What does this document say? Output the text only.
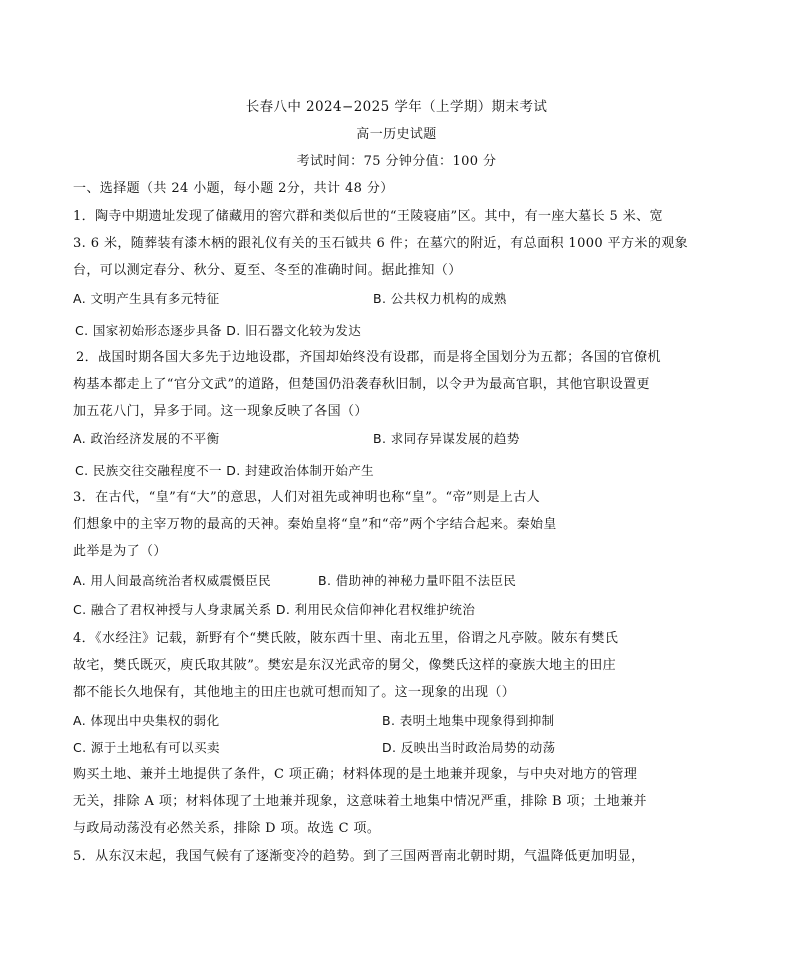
长春八中 2024−2025 学年（上学期）期末考试
高一历史试题
考试时间：75 分钟分值：100 分
一、选择题（共 24 小题，每小题 2分，共计 48 分）
1．陶寺中期遗址发现了储藏用的窖穴群和类似后世的“王陵寝庙”区。其中，有一座大墓长 5 米、宽
3. 6 米，随葬装有漆木柄的跟礼仪有关的玉石钺共 6 件；在墓穴的附近，有总面积 1000 平方米的观象
台，可以测定春分、秋分、夏至、冬至的准确时间。据此推知（）
A. 文明产生具有多元特征	B. 公共权力机构的成熟
C. 国家初始形态逐步具备 D. 旧石器文化较为发达
2．战国时期各国大多先于边地设郡，齐国却始终没有设郡，而是将全国划分为五都；各国的官僚机
构基本都走上了“官分文武”的道路，但楚国仍沿袭春秋旧制，以令尹为最高官职，其他官职设置更
加五花八门，异多于同。这一现象反映了各国（）
A. 政治经济发展的不平衡	B. 求同存异谋发展的趋势
C. 民族交往交融程度不一 D. 封建政治体制开始产生
3．在古代，“皇”有“大”的意思，人们对祖先或神明也称“皇”。“帝”则是上古人
们想象中的主宰万物的最高的天神。秦始皇将“皇”和“帝”两个字结合起来。秦始皇
此举是为了（）
A. 用人间最高统治者权威震慑臣民	B. 借助神的神秘力量吓阻不法臣民
C. 融合了君权神授与人身隶属关系 D. 利用民众信仰神化君权维护统治
4．《水经注》记载，新野有个“樊氏陂，陂东西十里、南北五里，俗谓之凡亭陂。陂东有樊氏
故宅，樊氏既灭，庾氏取其陂”。樊宏是东汉光武帝的舅父，像樊氏这样的豪族大地主的田庄
都不能长久地保有，其他地主的田庄也就可想而知了。这一现象的出现（）
A. 体现出中央集权的弱化	B. 表明土地集中现象得到抑制
C. 源于土地私有可以买卖	D. 反映出当时政治局势的动荡
购买土地、兼并土地提供了条件，C 项正确；材料体现的是土地兼并现象，与中央对地方的管理
无关，排除 A 项；材料体现了土地兼并现象，这意味着土地集中情况严重，排除 B 项；土地兼并
与政局动荡没有必然关系，排除 D 项。故选 C 项。
5．从东汉末起，我国气候有了逐渐变冷的趋势。到了三国两晋南北朝时期，气温降低更加明显，
